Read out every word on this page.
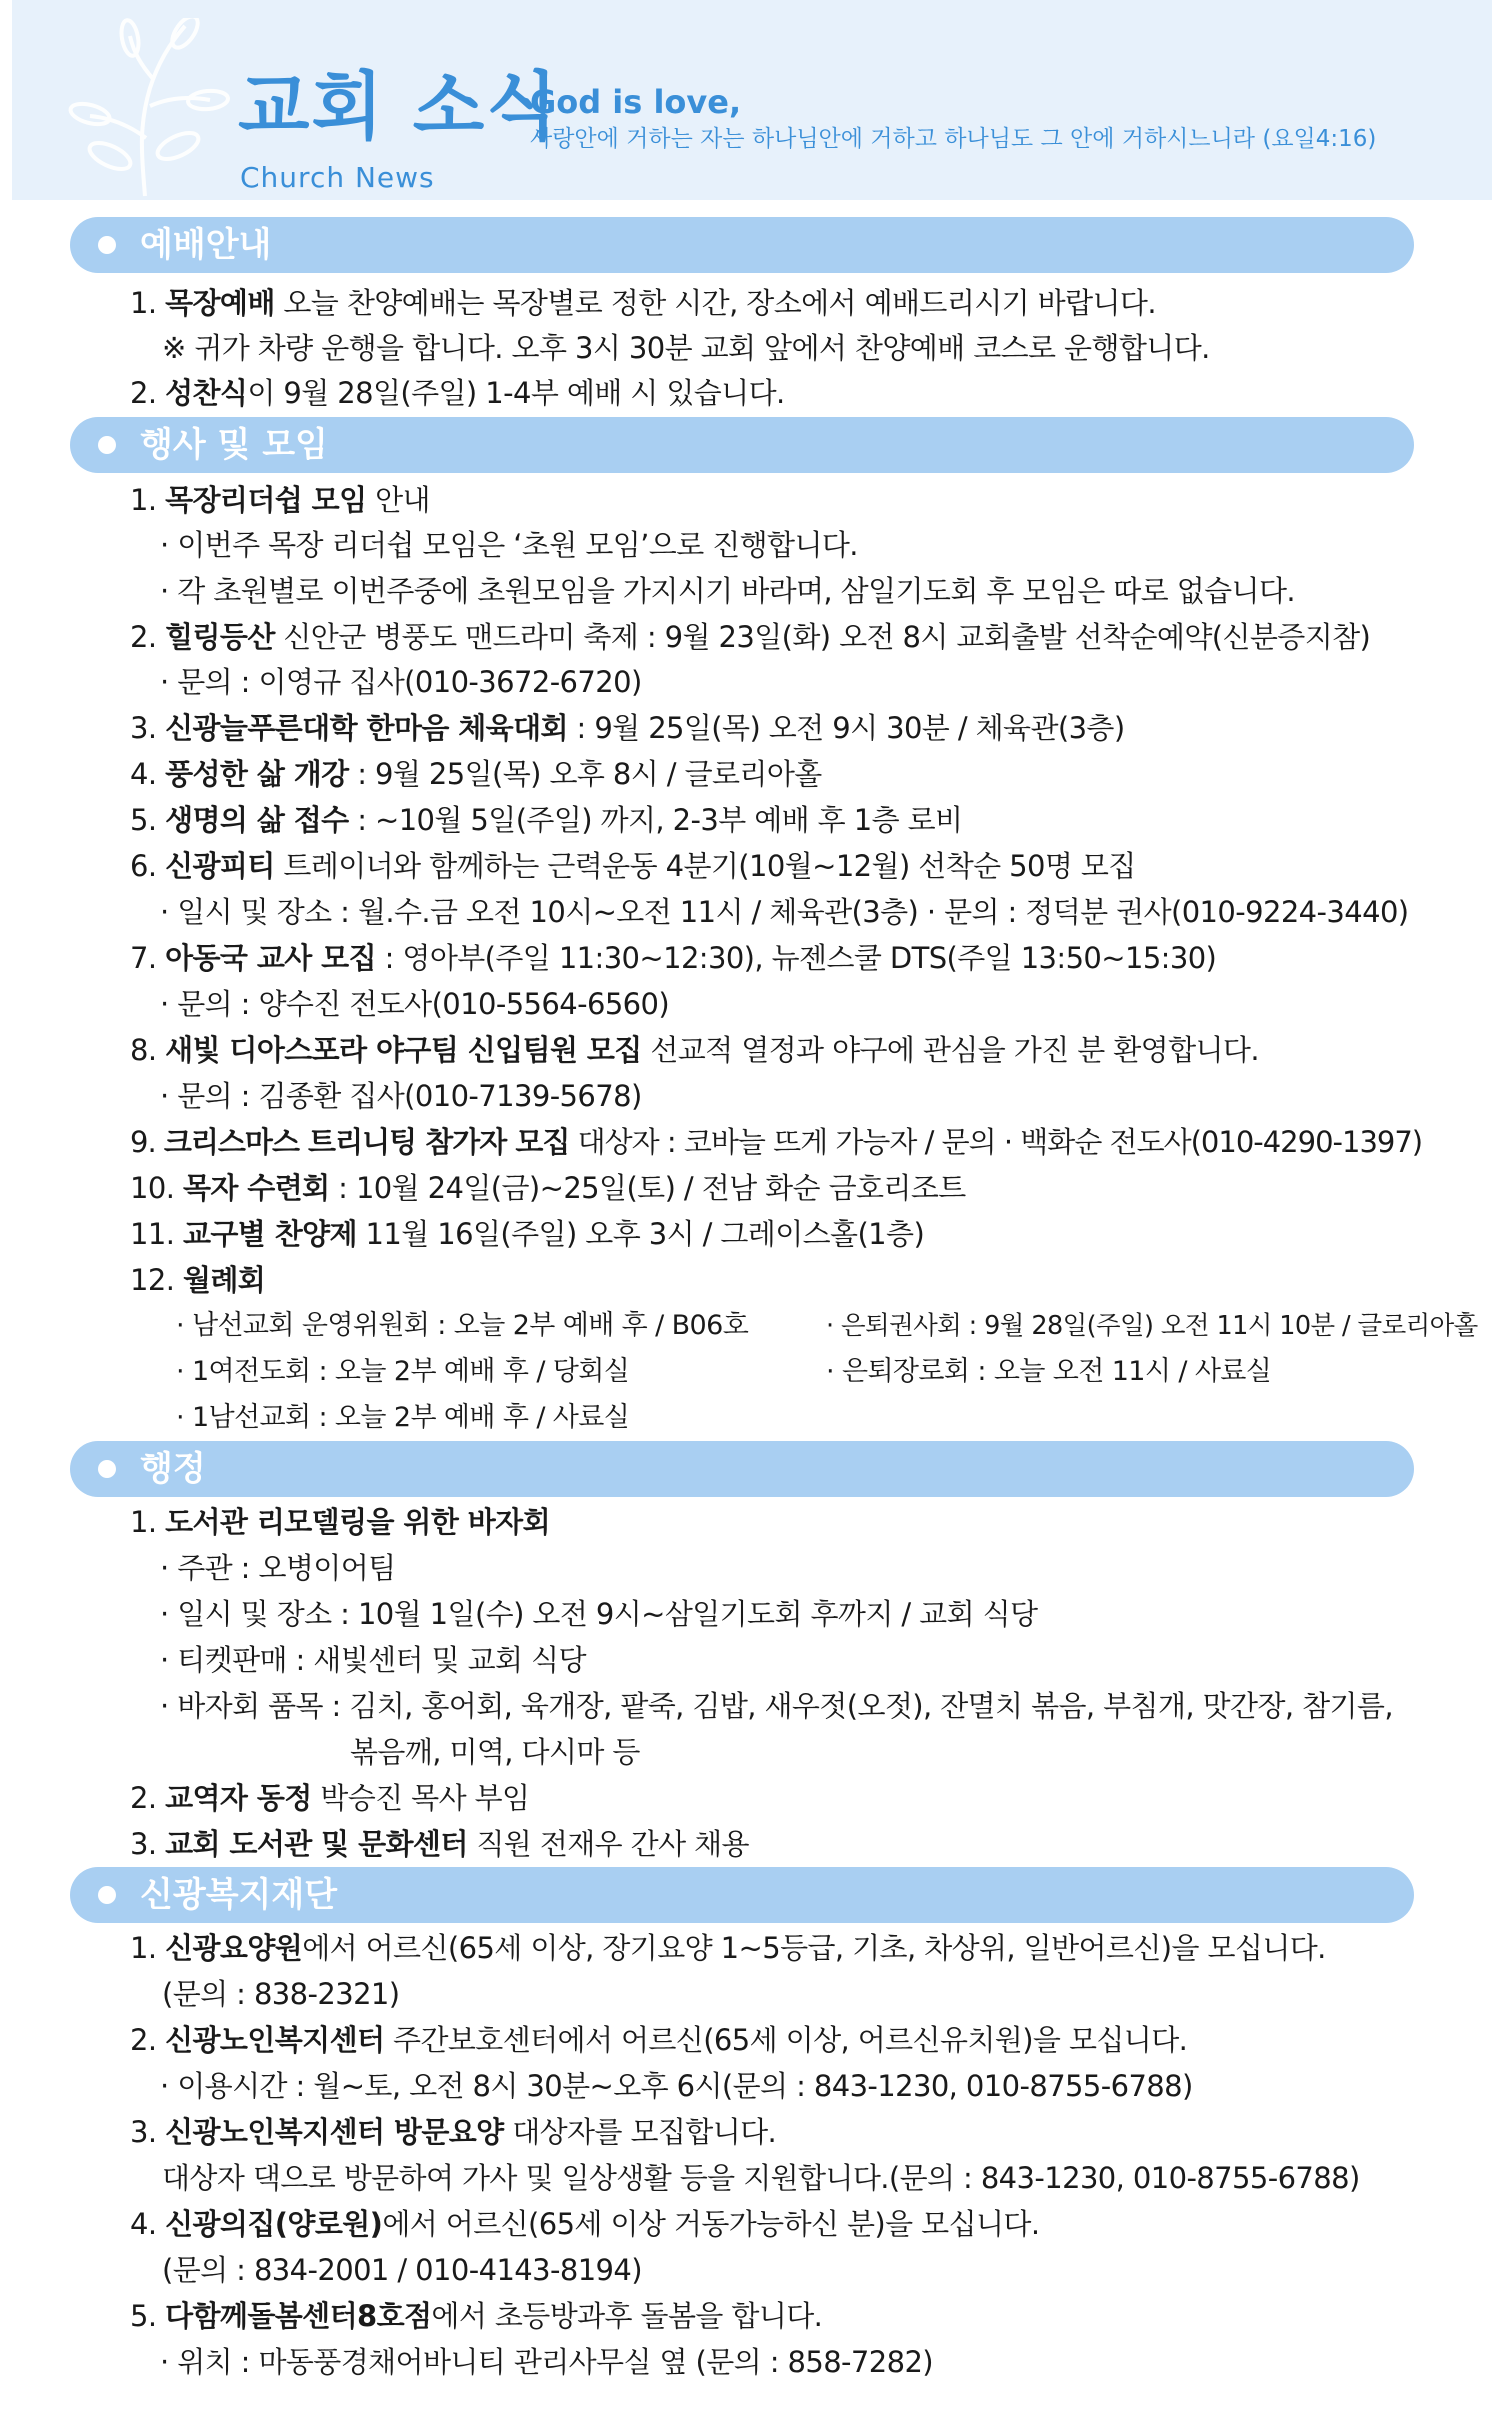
교회 소식
Church News
God is love,
사랑안에 거하는 자는 하나님안에 거하고 하나님도 그 안에 거하시느니라 (요일4:16)
예배안내
1. 목장예배 오늘 찬양예배는 목장별로 정한 시간, 장소에서 예배드리시기 바랍니다.
※ 귀가 차량 운행을 합니다. 오후 3시 30분 교회 앞에서 찬양예배 코스로 운행합니다.
2. 성찬식이 9월 28일(주일) 1-4부 예배 시 있습니다.
행사 및 모임
1. 목장리더쉽 모임 안내
· 이번주 목장 리더쉽 모임은 ‘초원 모임’으로 진행합니다.
· 각 초원별로 이번주중에 초원모임을 가지시기 바라며, 삼일기도회 후 모임은 따로 없습니다.
2. 힐링등산 신안군 병풍도 맨드라미 축제 : 9월 23일(화) 오전 8시 교회출발 선착순예약(신분증지참)
· 문의 : 이영규 집사(010-3672-6720)
3. 신광늘푸른대학 한마음 체육대회 : 9월 25일(목) 오전 9시 30분 / 체육관(3층)
4. 풍성한 삶 개강 : 9월 25일(목) 오후 8시 / 글로리아홀
5. 생명의 삶 접수 : ~10월 5일(주일) 까지, 2-3부 예배 후 1층 로비
6. 신광피티 트레이너와 함께하는 근력운동 4분기(10월~12월) 선착순 50명 모집
· 일시 및 장소 : 월.수.금 오전 10시~오전 11시 / 체육관(3층) · 문의 : 정덕분 권사(010-9224-3440)
7. 아동국 교사 모집 : 영아부(주일 11:30~12:30), 뉴젠스쿨 DTS(주일 13:50~15:30)
· 문의 : 양수진 전도사(010-5564-6560)
8. 새빛 디아스포라 야구팀 신입팀원 모집 선교적 열정과 야구에 관심을 가진 분 환영합니다.
· 문의 : 김종환 집사(010-7139-5678)
9. 크리스마스 트리니팅 참가자 모집 대상자 : 코바늘 뜨게 가능자 / 문의 · 백화순 전도사(010-4290-1397)
10. 목자 수련회 : 10월 24일(금)~25일(토) / 전남 화순 금호리조트
11. 교구별 찬양제 11월 16일(주일) 오후 3시 / 그레이스홀(1층)
12. 월례회
· 남선교회 운영위원회 : 오늘 2부 예배 후 / B06호
· 1여전도회 : 오늘 2부 예배 후 / 당회실
· 1남선교회 : 오늘 2부 예배 후 / 사료실
· 은퇴권사회 : 9월 28일(주일) 오전 11시 10분 / 글로리아홀
· 은퇴장로회 : 오늘 오전 11시 / 사료실
행정
1. 도서관 리모델링을 위한 바자회
· 주관 : 오병이어팀
· 일시 및 장소 : 10월 1일(수) 오전 9시~삼일기도회 후까지 / 교회 식당
· 티켓판매 : 새빛센터 및 교회 식당
· 바자회 품목 : 김치, 홍어회, 육개장, 팥죽, 김밥, 새우젓(오젓), 잔멸치 볶음, 부침개, 맛간장, 참기름,
볶음깨, 미역, 다시마 등
2. 교역자 동정 박승진 목사 부임
3. 교회 도서관 및 문화센터 직원 전재우 간사 채용
신광복지재단
1. 신광요양원에서 어르신(65세 이상, 장기요양 1~5등급, 기초, 차상위, 일반어르신)을 모십니다.
(문의 : 838-2321)
2. 신광노인복지센터 주간보호센터에서 어르신(65세 이상, 어르신유치원)을 모십니다.
· 이용시간 : 월~토, 오전 8시 30분~오후 6시(문의 : 843-1230, 010-8755-6788)
3. 신광노인복지센터 방문요양 대상자를 모집합니다.
대상자 댁으로 방문하여 가사 및 일상생활 등을 지원합니다.(문의 : 843-1230, 010-8755-6788)
4. 신광의집(양로원)에서 어르신(65세 이상 거동가능하신 분)을 모십니다.
(문의 : 834-2001 / 010-4143-8194)
5. 다함께돌봄센터8호점에서 초등방과후 돌봄을 합니다.
· 위치 : 마동풍경채어바니티 관리사무실 옆 (문의 : 858-7282)
